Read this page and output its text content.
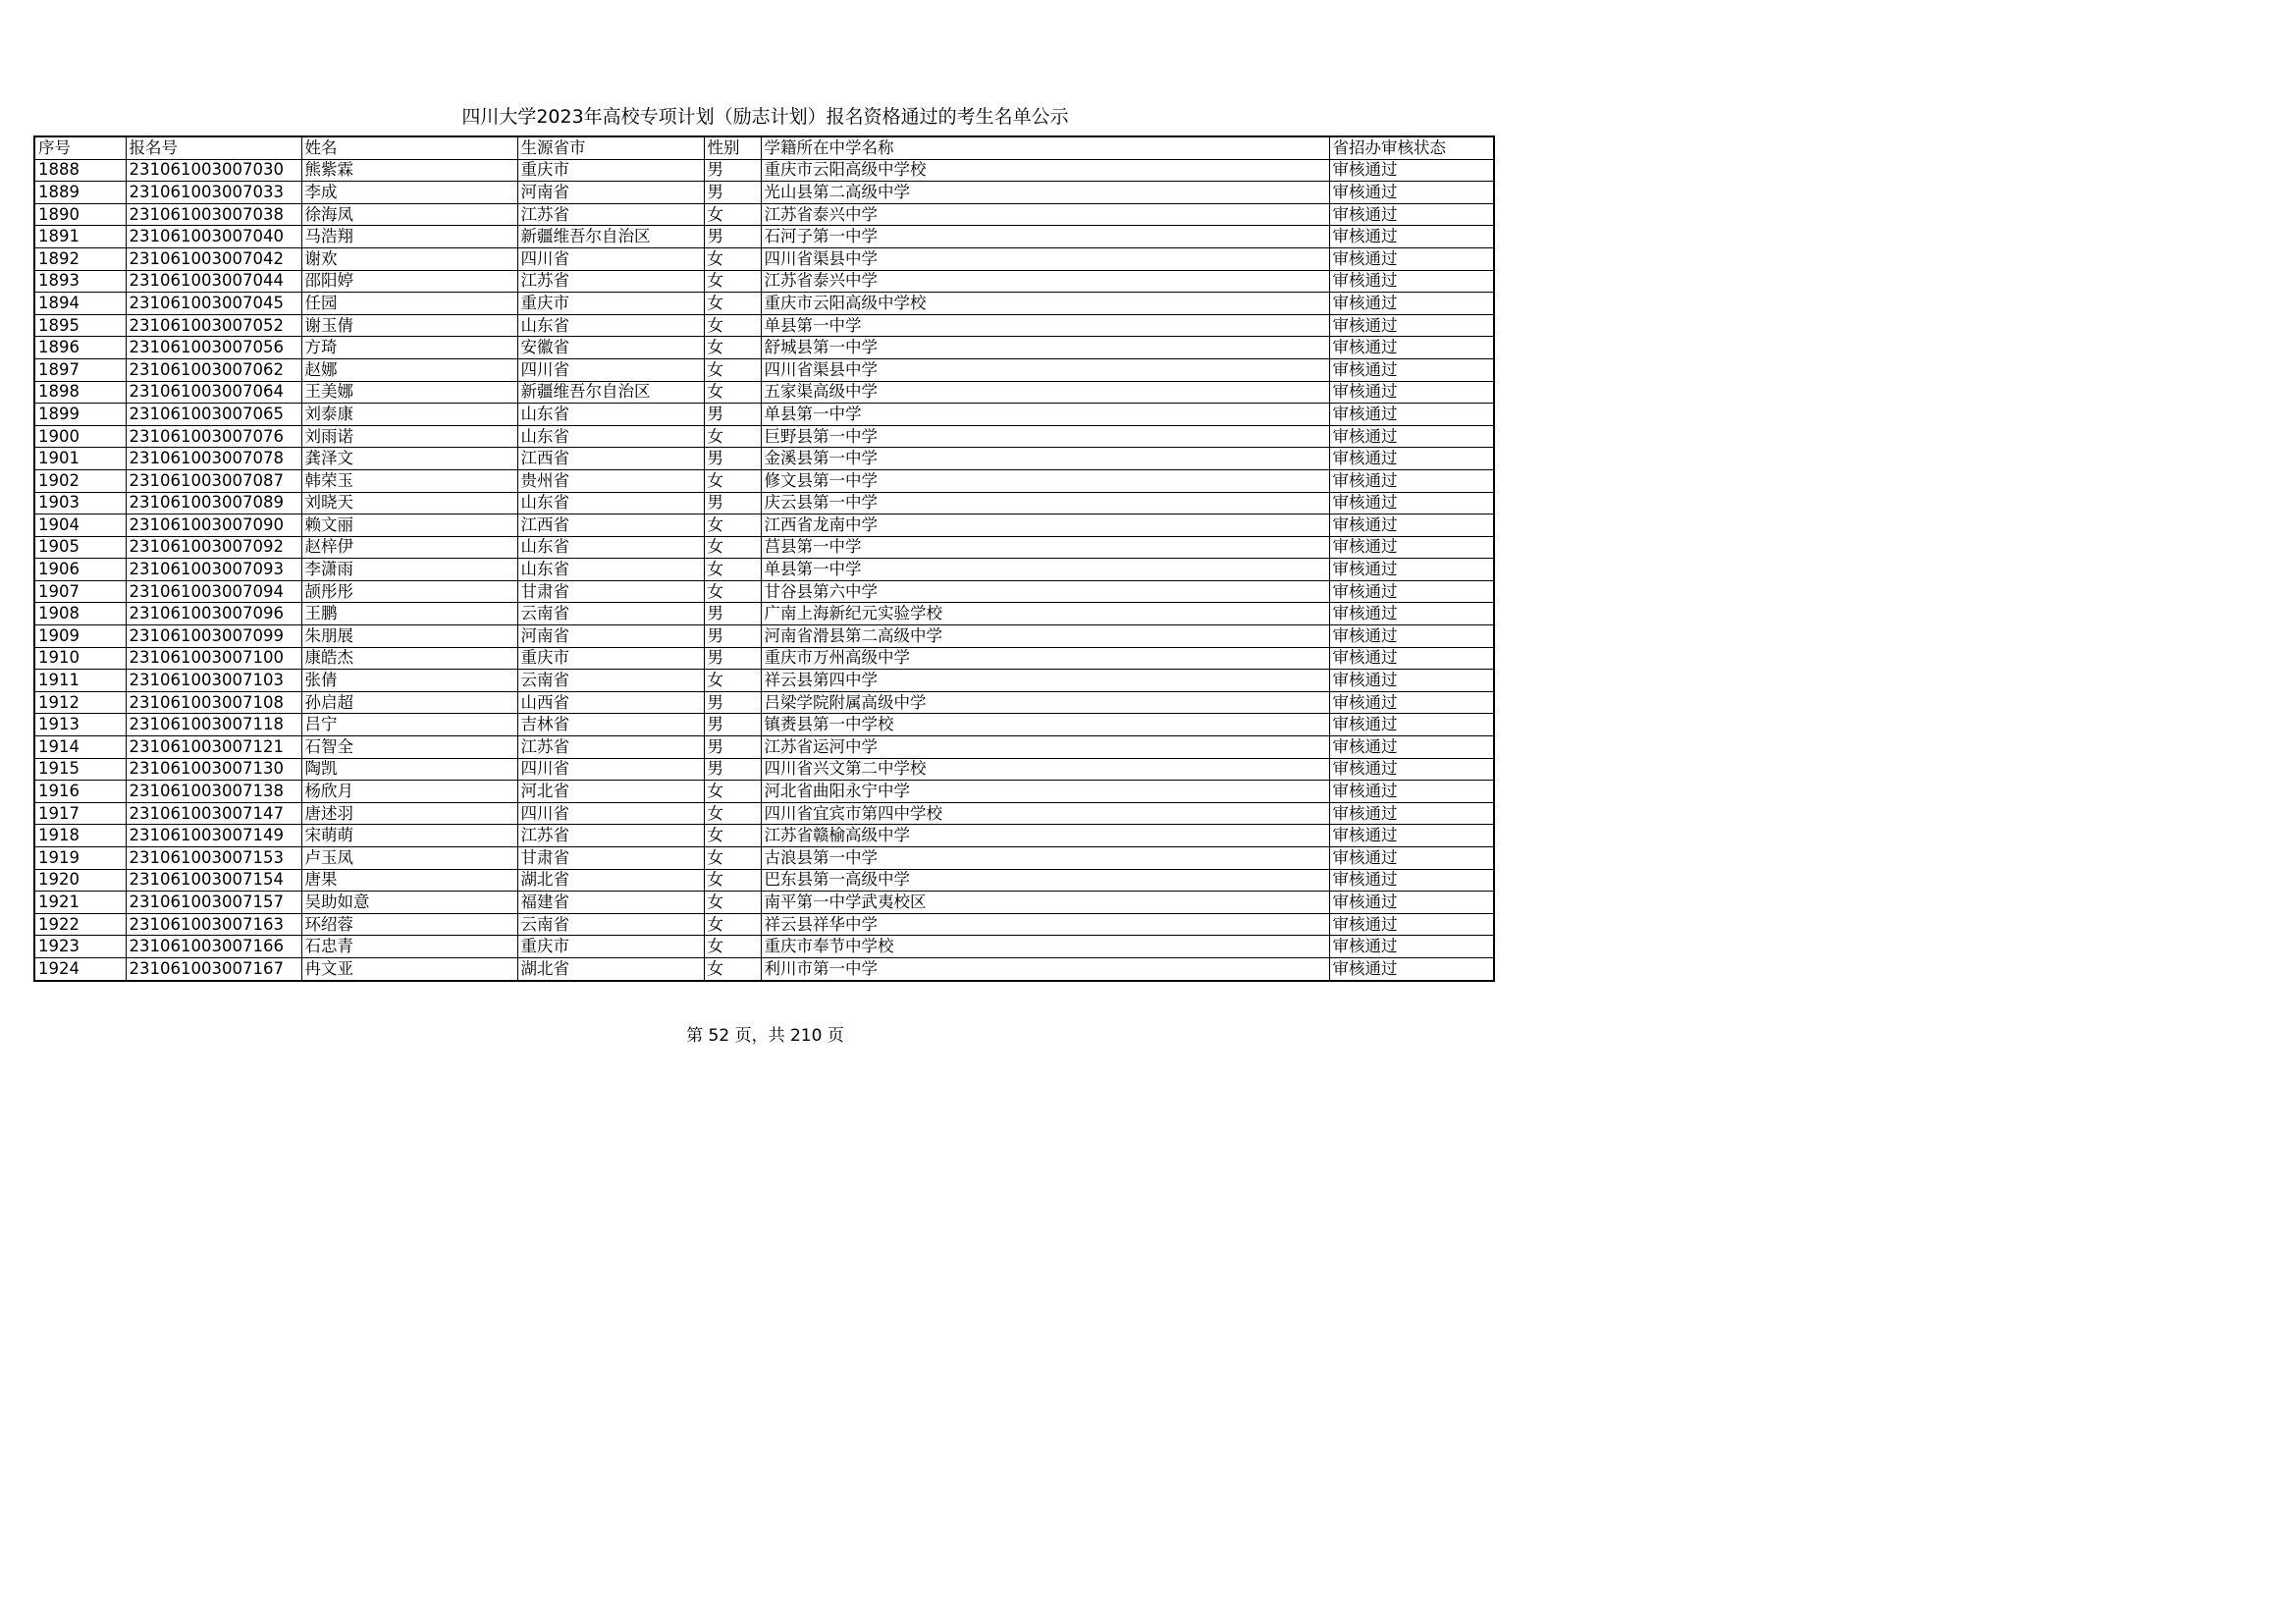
四川大学2023年高校专项计划（励志计划）报名资格通过的考生名单公示
序号	报名号	姓名	生源省市	性别	学籍所在中学名称	省招办审核状态
1888	231061003007030	熊紫霖	重庆市	男	重庆市云阳高级中学校	审核通过
1889	231061003007033	李成	河南省	男	光山县第二高级中学	审核通过
1890	231061003007038	徐海凤	江苏省	女	江苏省泰兴中学	审核通过
1891	231061003007040	马浩翔	新疆维吾尔自治区	男	石河子第一中学	审核通过
1892	231061003007042	谢欢	四川省	女	四川省渠县中学	审核通过
1893	231061003007044	邵阳婷	江苏省	女	江苏省泰兴中学	审核通过
1894	231061003007045	任园	重庆市	女	重庆市云阳高级中学校	审核通过
1895	231061003007052	谢玉倩	山东省	女	单县第一中学	审核通过
1896	231061003007056	方琦	安徽省	女	舒城县第一中学	审核通过
1897	231061003007062	赵娜	四川省	女	四川省渠县中学	审核通过
1898	231061003007064	王美娜	新疆维吾尔自治区	女	五家渠高级中学	审核通过
1899	231061003007065	刘泰康	山东省	男	单县第一中学	审核通过
1900	231061003007076	刘雨诺	山东省	女	巨野县第一中学	审核通过
1901	231061003007078	龚泽文	江西省	男	金溪县第一中学	审核通过
1902	231061003007087	韩荣玉	贵州省	女	修文县第一中学	审核通过
1903	231061003007089	刘晓天	山东省	男	庆云县第一中学	审核通过
1904	231061003007090	赖文丽	江西省	女	江西省龙南中学	审核通过
1905	231061003007092	赵梓伊	山东省	女	莒县第一中学	审核通过
1906	231061003007093	李潇雨	山东省	女	单县第一中学	审核通过
1907	231061003007094	颉彤彤	甘肃省	女	甘谷县第六中学	审核通过
1908	231061003007096	王鹏	云南省	男	广南上海新纪元实验学校	审核通过
1909	231061003007099	朱朋展	河南省	男	河南省滑县第二高级中学	审核通过
1910	231061003007100	康皓杰	重庆市	男	重庆市万州高级中学	审核通过
1911	231061003007103	张倩	云南省	女	祥云县第四中学	审核通过
1912	231061003007108	孙启超	山西省	男	吕梁学院附属高级中学	审核通过
1913	231061003007118	吕宁	吉林省	男	镇赉县第一中学校	审核通过
1914	231061003007121	石智全	江苏省	男	江苏省运河中学	审核通过
1915	231061003007130	陶凯	四川省	男	四川省兴文第二中学校	审核通过
1916	231061003007138	杨欣月	河北省	女	河北省曲阳永宁中学	审核通过
1917	231061003007147	唐述羽	四川省	女	四川省宜宾市第四中学校	审核通过
1918	231061003007149	宋萌萌	江苏省	女	江苏省赣榆高级中学	审核通过
1919	231061003007153	卢玉凤	甘肃省	女	古浪县第一中学	审核通过
1920	231061003007154	唐果	湖北省	女	巴东县第一高级中学	审核通过
1921	231061003007157	吴助如意	福建省	女	南平第一中学武夷校区	审核通过
1922	231061003007163	环绍蓉	云南省	女	祥云县祥华中学	审核通过
1923	231061003007166	石忠青	重庆市	女	重庆市奉节中学校	审核通过
1924	231061003007167	冉文亚	湖北省	女	利川市第一中学	审核通过
第 52 页，共 210 页
